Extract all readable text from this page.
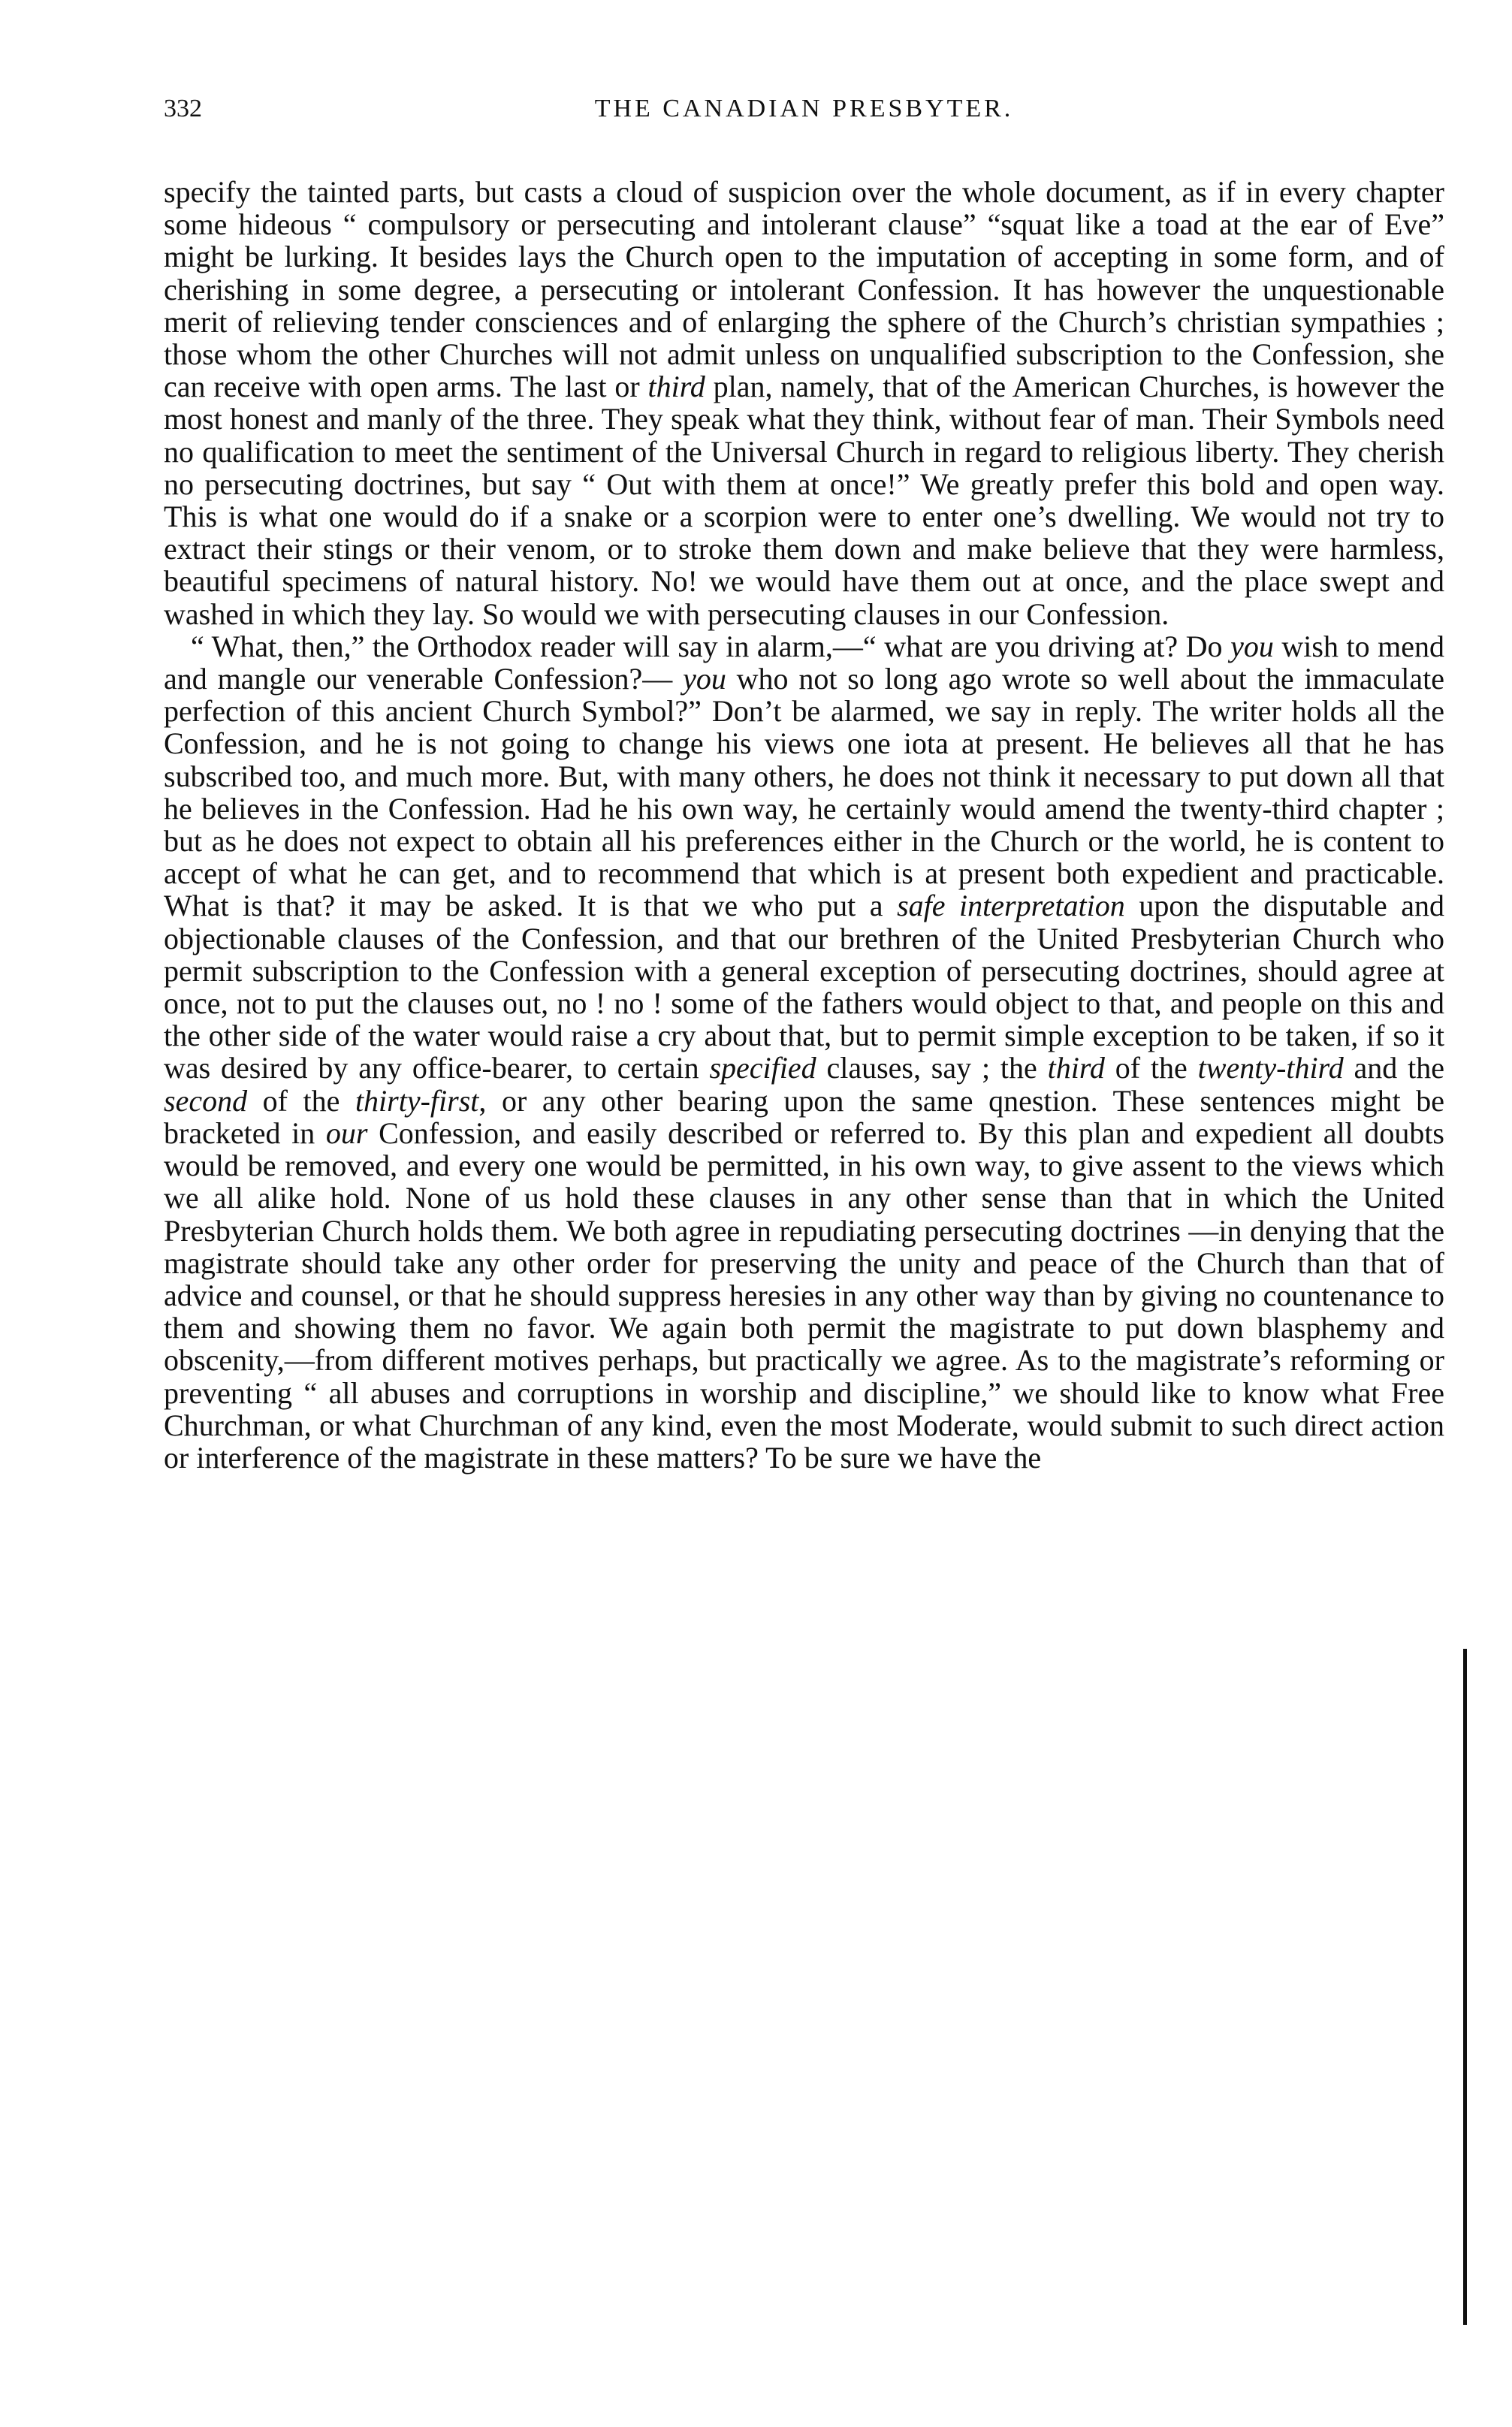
332	THE CANADIAN PRESBYTER.

specify the tainted parts, but casts a cloud of suspicion over the whole document, as if in every chapter some hideous “ compulsory or persecuting and intolerant clause” “squat like a toad at the ear of Eve” might be lurking. It besides lays the Church open to the imputation of accepting in some form, and of cherishing in some degree, a persecuting or intolerant Confession. It has however the unquestionable merit of relieving tender consciences and of enlarging the sphere of the Church’s christian sympathies ; those whom the other Churches will not admit unless on unqualified subscription to the Confession, she can receive with open arms. The last or third plan, namely, that of the American Churches, is however the most honest and manly of the three. They speak what they think, without fear of man. Their Symbols need no qualification to meet the sentiment of the Universal Church in regard to religious liberty. They cherish no persecuting doctrines, but say “ Out with them at once!” We greatly prefer this bold and open way. This is what one would do if a snake or a scorpion were to enter one’s dwelling. We would not try to extract their stings or their venom, or to stroke them down and make believe that they were harmless, beautiful specimens of natural history. No! we would have them out at once, and the place swept and washed in which they lay. So would we with persecuting clauses in our Confession.

“ What, then,” the Orthodox reader will say in alarm,—“ what are you driving at? Do you wish to mend and mangle our venerable Confession?— you who not so long ago wrote so well about the immaculate perfection of this ancient Church Symbol?” Don’t be alarmed, we say in reply. The writer holds all the Confession, and he is not going to change his views one iota at present. He believes all that he has subscribed too, and much more. But, with many others, he does not think it necessary to put down all that he believes in the Confession. Had he his own way, he certainly would amend the twenty-third chapter ; but as he does not expect to obtain all his preferences either in the Church or the world, he is content to accept of what he can get, and to recommend that which is at present both expedient and practicable. What is that? it may be asked. It is that we who put a safe interpretation upon the disputable and objectionable clauses of the Confession, and that our brethren of the United Presbyterian Church who permit subscription to the Confession with a general exception of persecuting doctrines, should agree at once, not to put the clauses out, no ! no ! some of the fathers would object to that, and people on this and the other side of the water would raise a cry about that, but to permit simple exception to be taken, if so it was desired by any office-bearer, to certain specified clauses, say ; the third of the twenty-third and the second of the thirty-first, or any other bearing upon the same qnestion. These sentences might be bracketed in our Confession, and easily described or referred to. By this plan and expedient all doubts would be removed, and every one would be permitted, in his own way, to give assent to the views which we all alike hold. None of us hold these clauses in any other sense than that in which the United Presbyterian Church holds them. We both agree in repudiating persecuting doctrines —in denying that the magistrate should take any other order for preserving the unity and peace of the Church than that of advice and counsel, or that he should suppress heresies in any other way than by giving no countenance to them and showing them no favor. We again both permit the magistrate to put down blasphemy and obscenity,—from different motives perhaps, but practically we agree. As to the magistrate’s reforming or preventing “ all abuses and corruptions in worship and discipline,” we should like to know what Free Churchman, or what Churchman of any kind, even the most Moderate, would submit to such direct action or interference of the magistrate in these matters? To be sure we have the
